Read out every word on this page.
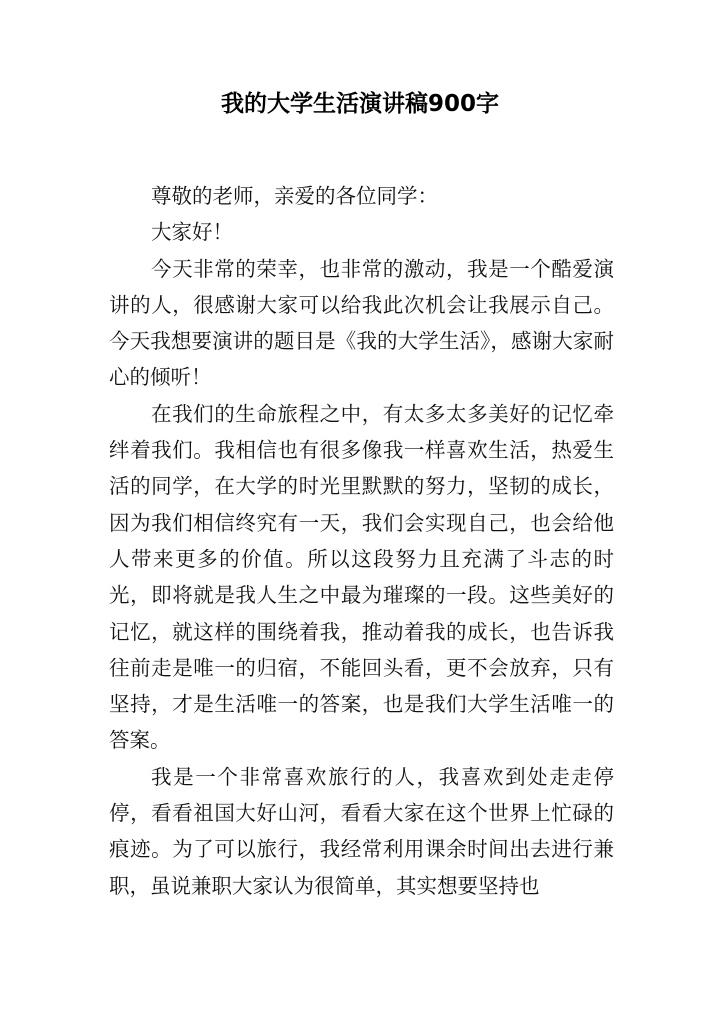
我的大学生活演讲稿900字

尊敬的老师，亲爱的各位同学：

大家好！

今天非常的荣幸，也非常的激动，我是一个酷爱演讲的人，很感谢大家可以给我此次机会让我展示自己。今天我想要演讲的题目是《我的大学生活》，感谢大家耐心的倾听！

在我们的生命旅程之中，有太多太多美好的记忆牵绊着我们。我相信也有很多像我一样喜欢生活，热爱生活的同学，在大学的时光里默默的努力，坚韧的成长，因为我们相信终究有一天，我们会实现自己，也会给他人带来更多的价值。所以这段努力且充满了斗志的时光，即将就是我人生之中最为璀璨的一段。这些美好的记忆，就这样的围绕着我，推动着我的成长，也告诉我往前走是唯一的归宿，不能回头看，更不会放弃，只有坚持，才是生活唯一的答案，也是我们大学生活唯一的答案。

我是一个非常喜欢旅行的人，我喜欢到处走走停停，看看祖国大好山河，看看大家在这个世界上忙碌的痕迹。为了可以旅行，我经常利用课余时间出去进行兼职，虽说兼职大家认为很简单，其实想要坚持也
